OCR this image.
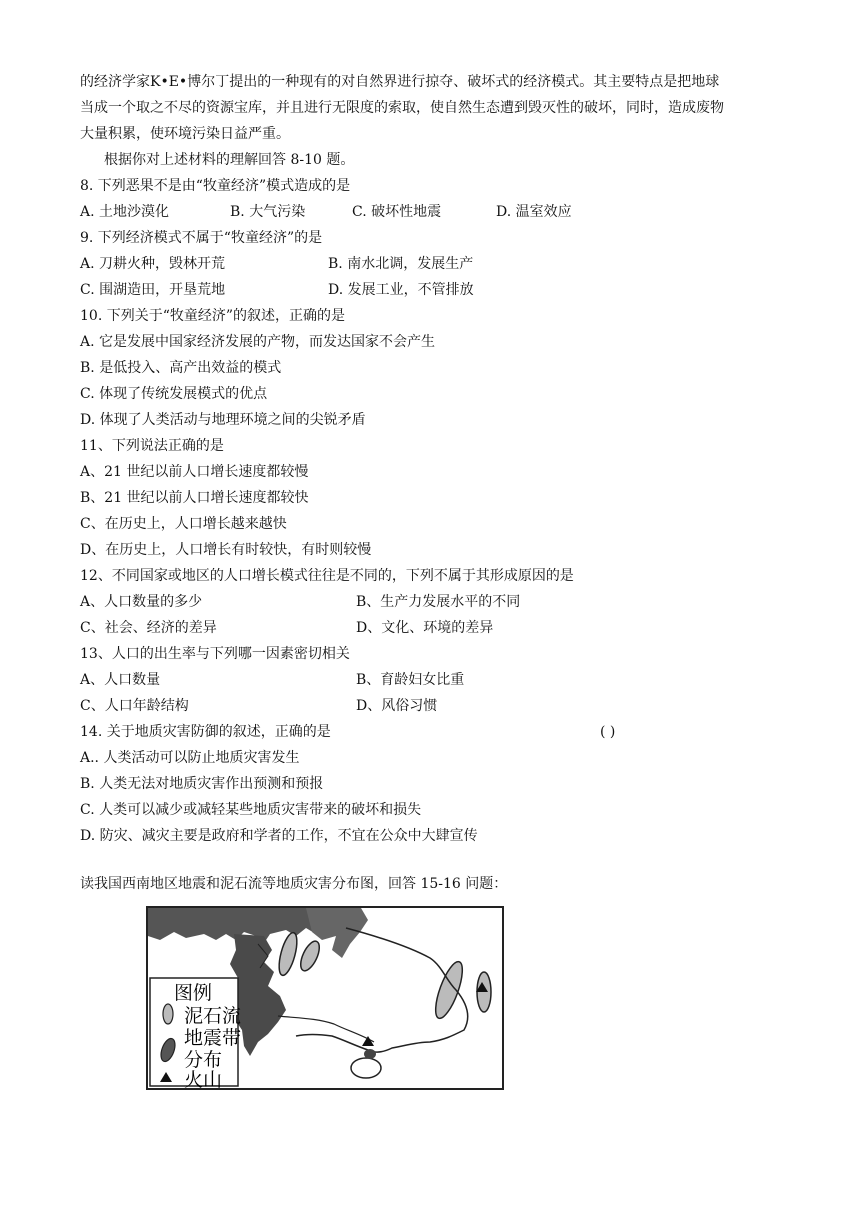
的经济学家K•E•博尔丁提出的一种现有的对自然界进行掠夺、破坏式的经济模式。其主要特点是把地球
当成一个取之不尽的资源宝库，并且进行无限度的索取，使自然生态遭到毁灭性的破坏，同时，造成废物
大量积累，使环境污染日益严重。
根据你对上述材料的理解回答 8-10 题。
8. 下列恶果不是由“牧童经济”模式造成的是
A. 土地沙漠化	B. 大气污染	C. 破坏性地震	D. 温室效应
9. 下列经济模式不属于“牧童经济”的是
A. 刀耕火种，毁林开荒	B. 南水北调，发展生产
C. 围湖造田，开垦荒地	D. 发展工业，不管排放
10. 下列关于“牧童经济”的叙述，正确的是
A. 它是发展中国家经济发展的产物，而发达国家不会产生
B. 是低投入、高产出效益的模式
C. 体现了传统发展模式的优点
D. 体现了人类活动与地理环境之间的尖锐矛盾
11、下列说法正确的是
A、21 世纪以前人口增长速度都较慢
B、21 世纪以前人口增长速度都较快
C、在历史上，人口增长越来越快
D、在历史上，人口增长有时较快，有时则较慢
12、不同国家或地区的人口增长模式往往是不同的，下列不属于其形成原因的是
A、人口数量的多少	B、生产力发展水平的不同
C、社会、经济的差异	D、文化、环境的差异
13、人口的出生率与下列哪一因素密切相关
A、人口数量	B、育龄妇女比重
C、人口年龄结构	D、风俗习惯
14. 关于地质灾害防御的叙述，正确的是	( )
A.. 人类活动可以防止地质灾害发生
B. 人类无法对地质灾害作出预测和预报
C. 人类可以减少或减轻某些地质灾害带来的破坏和损失
D. 防灾、减灾主要是政府和学者的工作，不宜在公众中大肆宣传
读我国西南地区地震和泥石流等地质灾害分布图，回答 15-16 问题：
图例
泥石流
地震带
分布
火山
